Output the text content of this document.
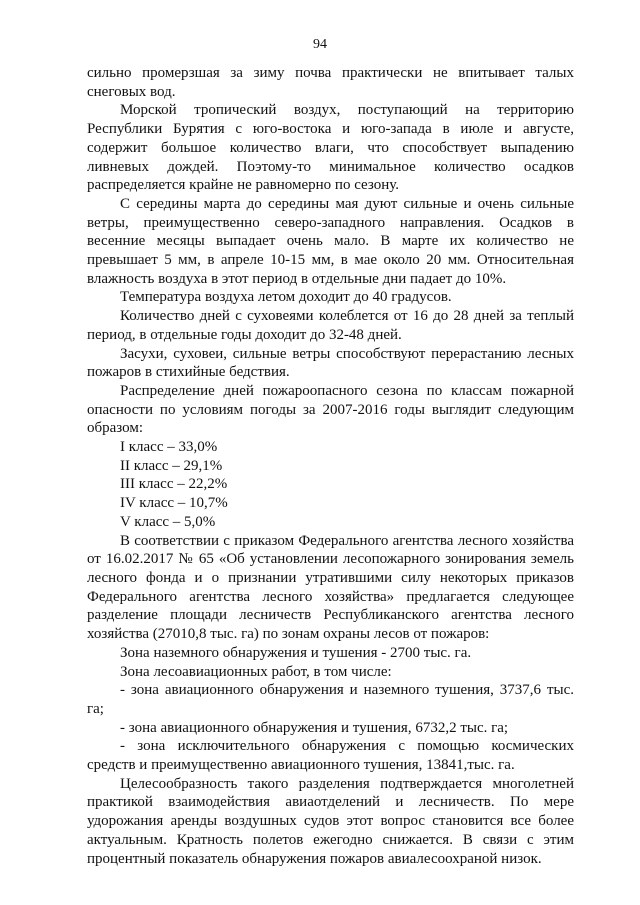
94

сильно промерзшая за зиму почва практически не впитывает талых снеговых вод.

Морской тропический воздух, поступающий на территорию Республики Бурятия с юго-востока и юго-запада в июле и августе, содержит большое количество влаги, что способствует выпадению ливневых дождей. Поэтому-то минимальное количество осадков распределяется крайне не равномерно по сезону.

С середины марта до середины мая дуют сильные и очень сильные ветры, преимущественно северо-западного направления. Осадков в весенние месяцы выпадает очень мало. В марте их количество не превышает 5 мм, в апреле 10-15 мм, в мае около 20 мм. Относительная влажность воздуха в этот период в отдельные дни падает до 10%.

Температура воздуха летом доходит до 40 градусов.

Количество дней с суховеями колеблется от 16 до 28 дней за теплый период, в отдельные годы доходит до 32-48 дней.

Засухи, суховеи, сильные ветры способствуют перерастанию лесных пожаров в стихийные бедствия.

Распределение дней пожароопасного сезона по классам пожарной опасности по условиям погоды за 2007-2016 годы выглядит следующим образом:

I класс – 33,0%

II класс – 29,1%

III класс – 22,2%

IV класс – 10,7%

V класс – 5,0%

В соответствии с приказом Федерального агентства лесного хозяйства от 16.02.2017 № 65 «Об установлении лесопожарного зонирования земель лесного фонда и о признании утратившими силу некоторых приказов Федерального агентства лесного хозяйства» предлагается следующее разделение площади лесничеств Республиканского агентства лесного хозяйства (27010,8 тыс. га) по зонам охраны лесов от пожаров:

Зона наземного обнаружения и тушения - 2700 тыс. га.

Зона лесоавиационных работ, в том числе:

- зона авиационного обнаружения и наземного тушения, 3737,6 тыс. га;

- зона авиационного обнаружения и тушения, 6732,2 тыс. га;

- зона исключительного обнаружения с помощью космических средств и преимущественно авиационного тушения, 13841,тыс. га.

Целесообразность такого разделения подтверждается многолетней практикой взаимодействия авиаотделений и лесничеств. По мере удорожания аренды воздушных судов этот вопрос становится все более актуальным. Кратность полетов ежегодно снижается. В связи с этим процентный показатель обнаружения пожаров авиалесоохраной низок.
